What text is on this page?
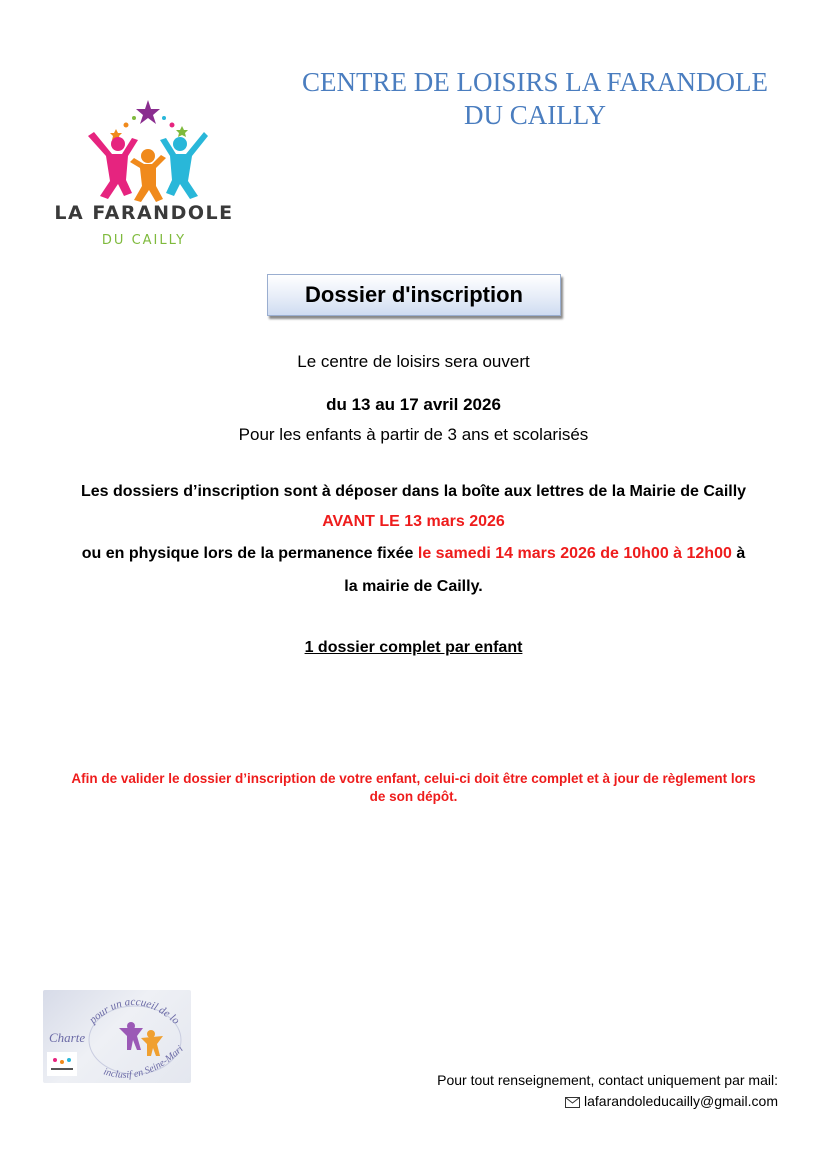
CENTRE DE LOISIRS LA FARANDOLE
DU CAILLY
LA FARANDOLE
DU CAILLY
Dossier d'inscription
Le centre de loisirs sera ouvert
du 13 au 17 avril 2026
Pour les enfants à partir de 3 ans et scolarisés
Les dossiers d’inscription sont à déposer dans la boîte aux lettres de la Mairie de Cailly
AVANT LE 13 mars 2026
ou en physique lors de la permanence fixée le samedi 14 mars 2026 de 10h00 à 12h00 à
la mairie de Cailly.
1 dossier complet par enfant
Afin de valider le dossier d’inscription de votre enfant, celui-ci doit être complet et à jour de règlement lors
de son dépôt.
pour un accueil de lo
inclusif en Seine-Mari
Charte
Pour tout renseignement, contact uniquement par mail:
lafarandoleducailly@gmail.com
